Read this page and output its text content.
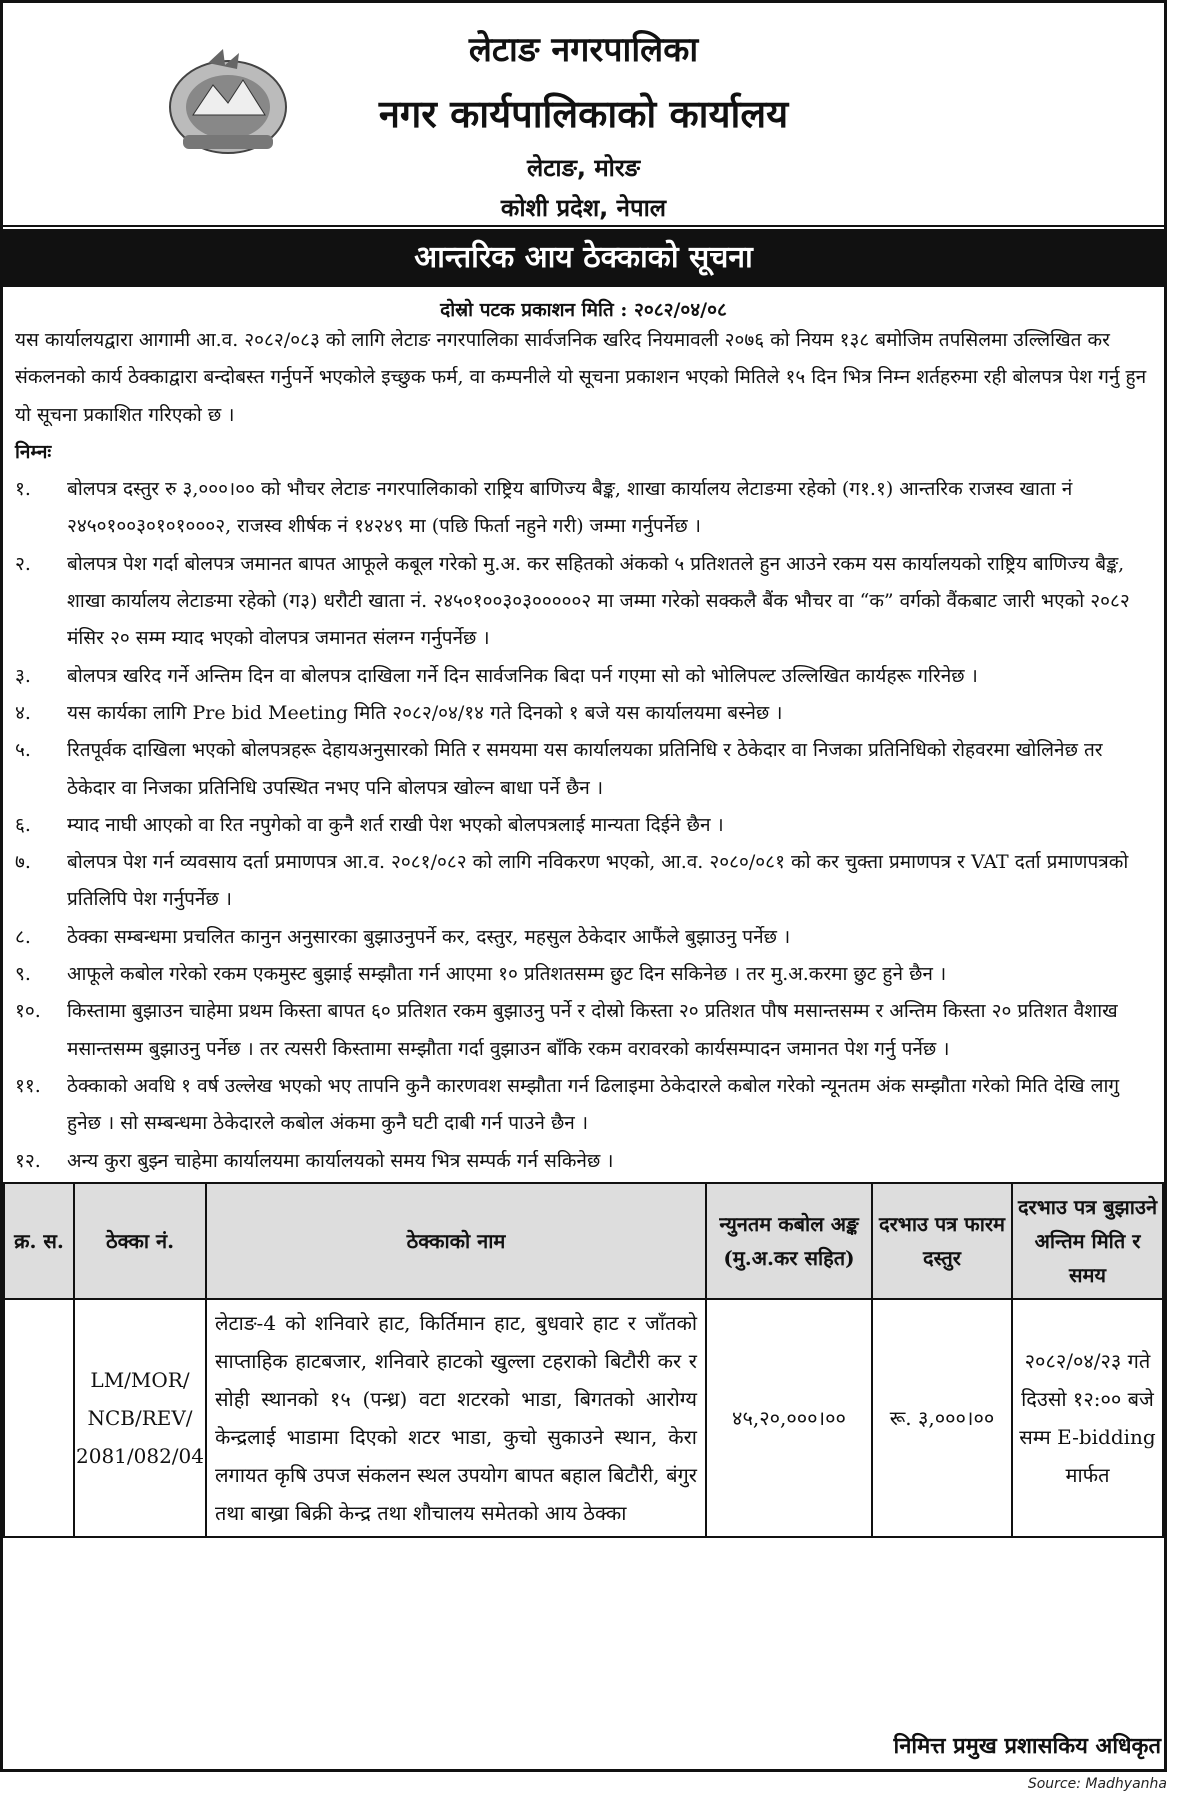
लेटाङ नगरपालिका
नगर कार्यपालिकाको कार्यालय
लेटाङ, मोरङ
कोशी प्रदेश, नेपाल
आन्तरिक आय ठेक्काको सूचना
दोस्रो पटक प्रकाशन मिति : २०८२/०४/०८

यस कार्यालयद्वारा आगामी आ.व. २०८२/०८३ को लागि लेटाङ नगरपालिका सार्वजनिक खरिद नियमावली २०७६ को नियम १३८ बमोजिम तपसिलमा उल्लिखित कर संकलनको कार्य ठेक्काद्वारा बन्दोबस्त गर्नुपर्ने भएकोले इच्छुक फर्म, वा कम्पनीले यो सूचना प्रकाशन भएको मितिले १५ दिन भित्र निम्न शर्तहरुमा रही बोलपत्र पेश गर्नु हुन यो सूचना प्रकाशित गरिएको छ ।

निम्नः

१.	बोलपत्र दस्तुर रु ३,०००।०० को भौचर लेटाङ नगरपालिकाको राष्ट्रिय बाणिज्य बैङ्क, शाखा कार्यालय लेटाङमा रहेको (ग१.१) आन्तरिक राजस्व खाता नं २४५०१००३०१०१०००२, राजस्व शीर्षक नं १४२४९ मा (पछि फिर्ता नहुने गरी) जम्मा गर्नुपर्नेछ ।
२.	बोलपत्र पेश गर्दा बोलपत्र जमानत बापत आफूले कबूल गरेको मु.अ. कर सहितको अंकको ५ प्रतिशतले हुन आउने रकम यस कार्यालयको राष्ट्रिय बाणिज्य बैङ्क, शाखा कार्यालय लेटाङमा रहेको (ग३) धरौटी खाता नं. २४५०१००३०३०००००२ मा जम्मा गरेको सक्कलै बैंक भौचर वा “क” वर्गको वैंकबाट जारी भएको २०८२ मंसिर २० सम्म म्याद भएको वोलपत्र जमानत संलग्न गर्नुपर्नेछ ।
३.	बोलपत्र खरिद गर्ने अन्तिम दिन वा बोलपत्र दाखिला गर्ने दिन सार्वजनिक बिदा पर्न गएमा सो को भोलिपल्ट उल्लिखित कार्यहरू गरिनेछ ।
४.	यस कार्यका लागि Pre bid Meeting मिति २०८२/०४/१४ गते दिनको १ बजे यस कार्यालयमा बस्नेछ ।
५.	रितपूर्वक दाखिला भएको बोलपत्रहरू देहायअनुसारको मिति र समयमा यस कार्यालयका प्रतिनिधि र ठेकेदार वा निजका प्रतिनिधिको रोहवरमा खोलिनेछ तर ठेकेदार वा निजका प्रतिनिधि उपस्थित नभए पनि बोलपत्र खोल्न बाधा पर्ने छैन ।
६.	म्याद नाघी आएको वा रित नपुगेको वा कुनै शर्त राखी पेश भएको बोलपत्रलाई मान्यता दिईने छैन ।
७.	बोलपत्र पेश गर्न व्यवसाय दर्ता प्रमाणपत्र आ.व. २०८१/०८२ को लागि नविकरण भएको, आ.व. २०८०/०८१ को कर चुक्ता प्रमाणपत्र र VAT दर्ता प्रमाणपत्रको प्रतिलिपि पेश गर्नुपर्नेछ ।
८.	ठेक्का सम्बन्धमा प्रचलित कानुन अनुसारका बुझाउनुपर्ने कर, दस्तुर, महसुल ठेकेदार आफैंले बुझाउनु पर्नेछ ।
९.	आफूले कबोल गरेको रकम एकमुस्ट बुझाई सम्झौता गर्न आएमा १० प्रतिशतसम्म छुट दिन सकिनेछ । तर मु.अ.करमा छुट हुने छैन ।
१०.	किस्तामा बुझाउन चाहेमा प्रथम किस्ता बापत ६० प्रतिशत रकम बुझाउनु पर्ने र दोस्रो किस्ता २० प्रतिशत पौष मसान्तसम्म र अन्तिम किस्ता २० प्रतिशत वैशाख मसान्तसम्म बुझाउनु पर्नेछ । तर त्यसरी किस्तामा सम्झौता गर्दा वुझाउन बाँकि रकम वरावरको कार्यसम्पादन जमानत पेश गर्नु पर्नेछ ।
११.	ठेक्काको अवधि १ वर्ष उल्लेख भएको भए तापनि कुनै कारणवश सम्झौता गर्न ढिलाइमा ठेकेदारले कबोल गरेको न्यूनतम अंक सम्झौता गरेको मिति देखि लागु हुनेछ । सो सम्बन्धमा ठेकेदारले कबोल अंकमा कुनै घटी दाबी गर्न पाउने छैन ।
१२.	अन्य कुरा बुझ्न चाहेमा कार्यालयमा कार्यालयको समय भित्र सम्पर्क गर्न सकिनेछ ।
क्र. स.	ठेक्का नं.	ठेक्काको नाम	न्युनतम कबोल अङ्क (मु.अ.कर सहित)	दरभाउ पत्र फारम दस्तुर	दरभाउ पत्र बुझाउने अन्तिम मिति र समय
	LM/MOR/ NCB/REV/ 2081/082/04	लेटाङ-4 को शनिवारे हाट, किर्तिमान हाट, बुधवारे हाट र जाँतको साप्ताहिक हाटबजार, शनिवारे हाटको खुल्ला टहराको बिटौरी कर र सोही स्थानको १५ (पन्ध्र) वटा शटरको भाडा, बिगतको आरोग्य केन्द्रलाई भाडामा दिएको शटर भाडा, कुचो सुकाउने स्थान, केरा लगायत कृषि उपज संकलन स्थल उपयोग बापत बहाल बिटौरी, बंगुर तथा बाख्रा बिक्री केन्द्र तथा शौचालय समेतको आय ठेक्का	४५,२०,०००।००	रू. ३,०००।००	२०८२/०४/२३ गते दिउसो १२:०० बजे सम्म E-bidding मार्फत
निमित्त प्रमुख प्रशासकिय अधिकृत
Source: Madhyanha
